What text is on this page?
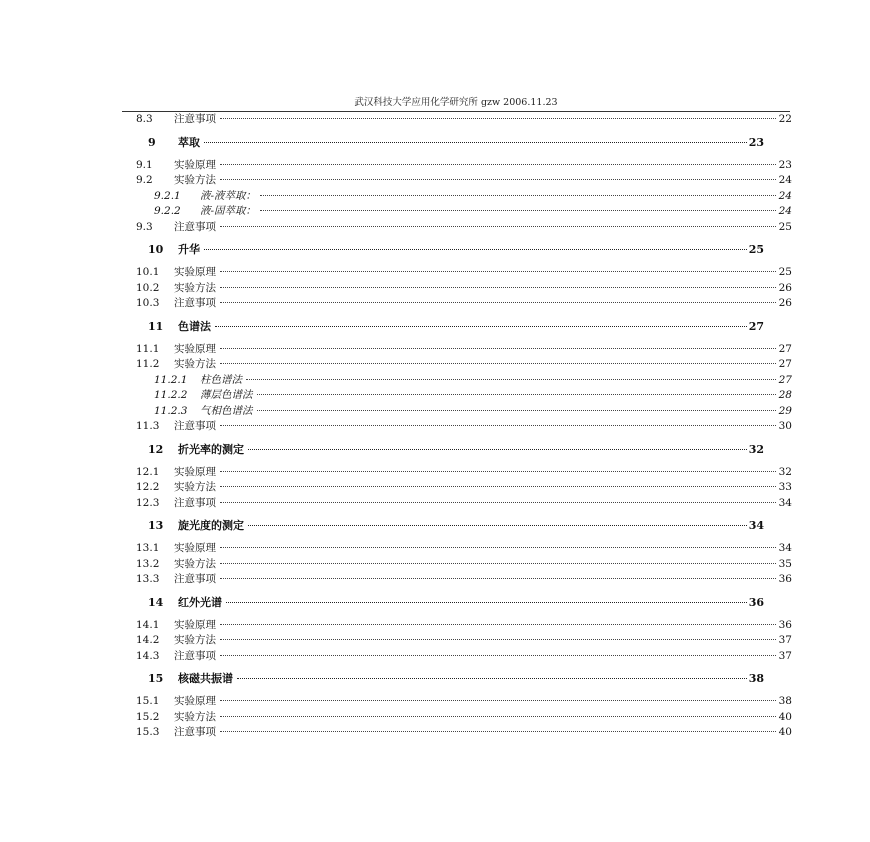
武汉科技大学应用化学研究所 gzw 2006.11.23
8.3	注意事项	22
9	萃取	23
9.1	实验原理	23
9.2	实验方法	24
9.2.1	液-液萃取：	24
9.2.2	液-固萃取：	24
9.3	注意事项	25
10	升华	25
10.1	实验原理	25
10.2	实验方法	26
10.3	注意事项	26
11	色谱法	27
11.1	实验原理	27
11.2	实验方法	27
11.2.1	柱色谱法	27
11.2.2	薄层色谱法	28
11.2.3	气相色谱法	29
11.3	注意事项	30
12	折光率的测定	32
12.1	实验原理	32
12.2	实验方法	33
12.3	注意事项	34
13	旋光度的测定	34
13.1	实验原理	34
13.2	实验方法	35
13.3	注意事项	36
14	红外光谱	36
14.1	实验原理	36
14.2	实验方法	37
14.3	注意事项	37
15	核磁共振谱	38
15.1	实验原理	38
15.2	实验方法	40
15.3	注意事项	40
